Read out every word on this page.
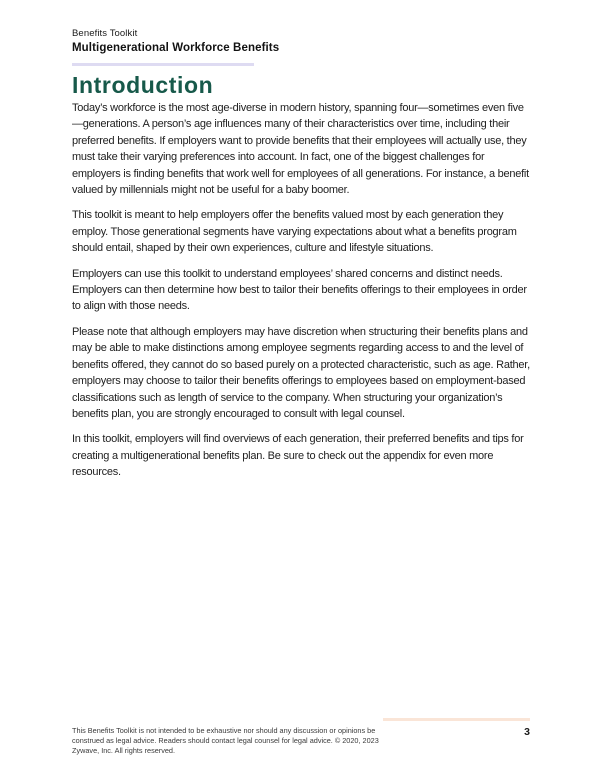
Benefits Toolkit
Multigenerational Workforce Benefits
Introduction

Today’s workforce is the most age-diverse in modern history, spanning four—sometimes even five—generations. A person’s age influences many of their characteristics over time, including their preferred benefits. If employers want to provide benefits that their employees will actually use, they must take their varying preferences into account. In fact, one of the biggest challenges for employers is finding benefits that work well for employees of all generations. For instance, a benefit valued by millennials might not be useful for a baby boomer.

This toolkit is meant to help employers offer the benefits valued most by each generation they employ. Those generational segments have varying expectations about what a benefits program should entail, shaped by their own experiences, culture and lifestyle situations.

Employers can use this toolkit to understand employees’ shared concerns and distinct needs. Employers can then determine how best to tailor their benefits offerings to their employees in order to align with those needs.

Please note that although employers may have discretion when structuring their benefits plans and may be able to make distinctions among employee segments regarding access to and the level of benefits offered, they cannot do so based purely on a protected characteristic, such as age. Rather, employers may choose to tailor their benefits offerings to employees based on employment-based classifications such as length of service to the company. When structuring your organization’s benefits plan, you are strongly encouraged to consult with legal counsel.

In this toolkit, employers will find overviews of each generation, their preferred benefits and tips for creating a multigenerational benefits plan. Be sure to check out the appendix for even more resources.

This Benefits Toolkit is not intended to be exhaustive nor should any discussion or opinions be
construed as legal advice. Readers should contact legal counsel for legal advice. © 2020, 2023
Zywave, Inc. All rights reserved.
3
